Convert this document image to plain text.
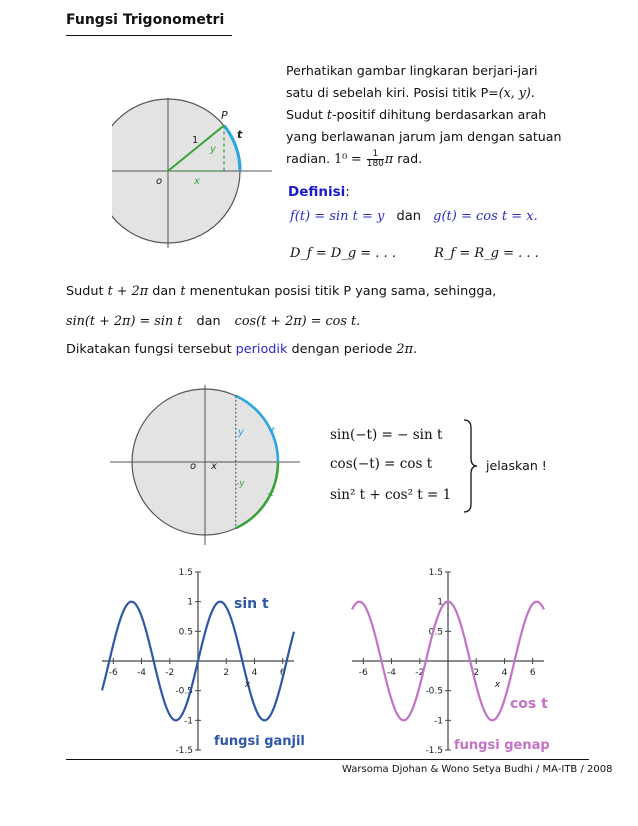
Fungsi Trigonometri
P
t
1
y
x
o
Perhatikan gambar lingkaran berjari-jari
satu di sebelah kiri. Posisi titik P=(x, y).
Sudut t-positif dihitung berdasarkan arah
yang berlawanan jarum jam dengan satuan
radian. $1^0 = \frac{1}{180}$ π rad.
Definisi:
f(t) = sin t = y dan g(t) = cos t = x.
D_f = D_g = . . .	R_f = R_g = . . .
Sudut t + 2π dan t menentukan posisi titik P yang sama, sehingga,
sin(t + 2π) = sin t dan cos(t + 2π) = cos t.
Dikatakan fungsi tersebut periodik dengan periode 2π.
y	t
x
o
-y
-t
sin(−t) = − sin t
cos(−t) = cos t
sin² t + cos² t = 1
jelaskan !
-6 -4 -2	2	4	6
1.5
1
0.5
-0.5
-1
-1.5
x
sin t
fungsi ganjil
-6 -4 -2	2	4	6
1.5
1
0.5
-0.5
-1
-1.5
x
cos t
fungsi genap
Warsoma Djohan & Wono Setya Budhi / MA-ITB / 2008
